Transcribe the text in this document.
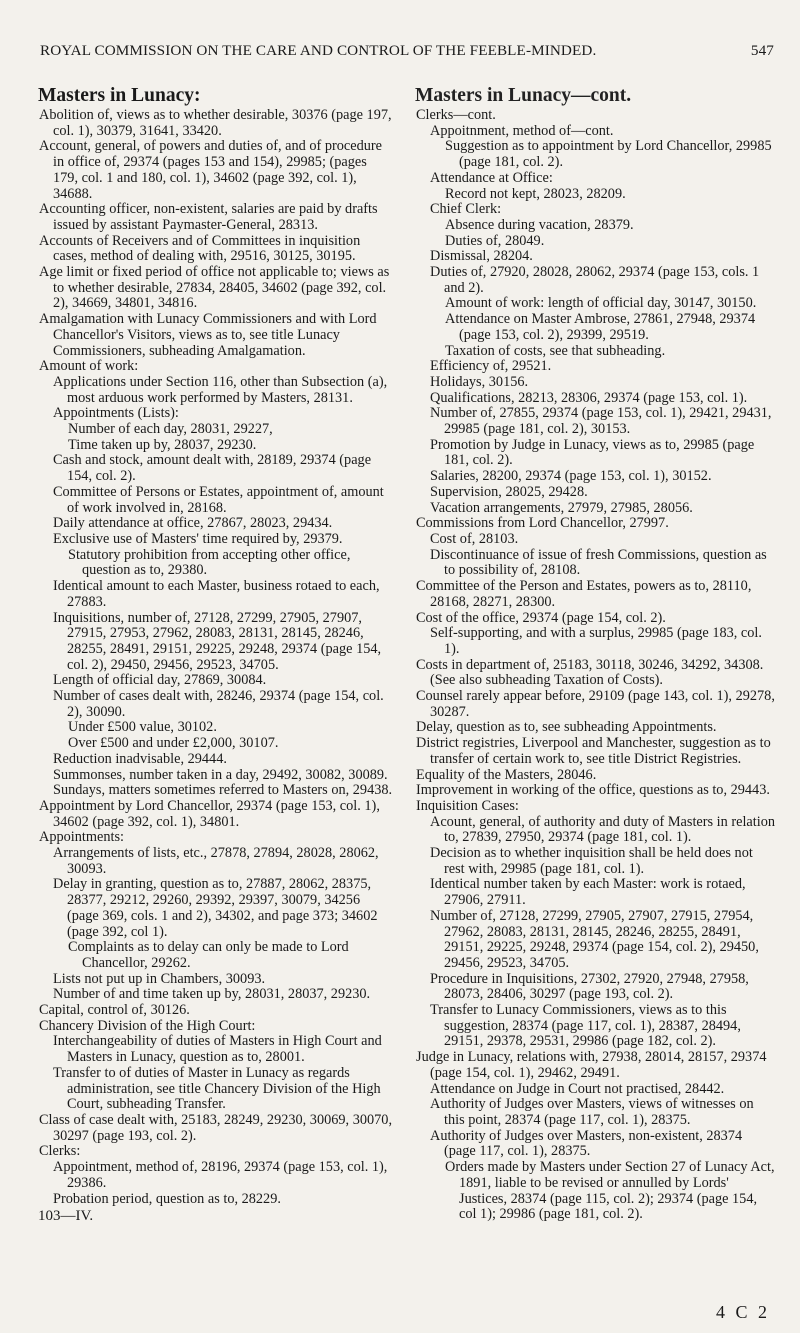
ROYAL COMMISSION ON THE CARE AND CONTROL OF THE FEEBLE-MINDED.	547
Masters in Lunacy:
Abolition of, views as to whether desirable, 30376 (page 197, col. 1), 30379, 31641, 33420.
Account, general, of powers and duties of, and of procedure in office of, 29374 (pages 153 and 154), 29985; (pages 179, col. 1 and 180, col. 1), 34602 (page 392, col. 1), 34688.
Accounting officer, non-existent, salaries are paid by drafts issued by assistant Paymaster-General, 28313.
Accounts of Receivers and of Committees in inquisition cases, method of dealing with, 29516, 30125, 30195.
Age limit or fixed period of office not applicable to; views as to whether desirable, 27834, 28405, 34602 (page 392, col. 2), 34669, 34801, 34816.
Amalgamation with Lunacy Commissioners and with Lord Chancellor's Visitors, views as to, see title Lunacy Commissioners, subheading Amalgamation.
Amount of work:
Applications under Section 116, other than Subsection (a), most arduous work performed by Masters, 28131.
Appointments (Lists):
Number of each day, 28031, 29227,
Time taken up by, 28037, 29230.
Cash and stock, amount dealt with, 28189, 29374 (page 154, col. 2).
Committee of Persons or Estates, appointment of, amount of work involved in, 28168.
Daily attendance at office, 27867, 28023, 29434.
Exclusive use of Masters' time required by, 29379.
Statutory prohibition from accepting other office, question as to, 29380.
Identical amount to each Master, business rotaed to each, 27883.
Inquisitions, number of, 27128, 27299, 27905, 27907, 27915, 27953, 27962, 28083, 28131, 28145, 28246, 28255, 28491, 29151, 29225, 29248, 29374 (page 154, col. 2), 29450, 29456, 29523, 34705.
Length of official day, 27869, 30084.
Number of cases dealt with, 28246, 29374 (page 154, col. 2), 30090.
Under £500 value, 30102.
Over £500 and under £2,000, 30107.
Reduction inadvisable, 29444.
Summonses, number taken in a day, 29492, 30082, 30089.
Sundays, matters sometimes referred to Masters on, 29438.
Appointment by Lord Chancellor, 29374 (page 153, col. 1), 34602 (page 392, col. 1), 34801.
Appointments:
Arrangements of lists, etc., 27878, 27894, 28028, 28062, 30093.
Delay in granting, question as to, 27887, 28062, 28375, 28377, 29212, 29260, 29392, 29397, 30079, 34256 (page 369, cols. 1 and 2), 34302, and page 373; 34602 (page 392, col 1).
Complaints as to delay can only be made to Lord Chancellor, 29262.
Lists not put up in Chambers, 30093.
Number of and time taken up by, 28031, 28037, 29230.
Capital, control of, 30126.
Chancery Division of the High Court:
Interchangeability of duties of Masters in High Court and Masters in Lunacy, question as to, 28001.
Transfer to of duties of Master in Lunacy as regards administration, see title Chancery Division of the High Court, subheading Transfer.
Class of case dealt with, 25183, 28249, 29230, 30069, 30070, 30297 (page 193, col. 2).
Clerks:
Appointment, method of, 28196, 29374 (page 153, col. 1), 29386.
Probation period, question as to, 28229.
103—IV.
Masters in Lunacy—cont.
Clerks—cont.
Appoitnment, method of—cont.
Suggestion as to appointment by Lord Chancellor, 29985 (page 181, col. 2).
Attendance at Office:
Record not kept, 28023, 28209.
Chief Clerk:
Absence during vacation, 28379.
Duties of, 28049.
Dismissal, 28204.
Duties of, 27920, 28028, 28062, 29374 (page 153, cols. 1 and 2).
Amount of work: length of official day, 30147, 30150.
Attendance on Master Ambrose, 27861, 27948, 29374 (page 153, col. 2), 29399, 29519.
Taxation of costs, see that subheading.
Efficiency of, 29521.
Holidays, 30156.
Qualifications, 28213, 28306, 29374 (page 153, col. 1).
Number of, 27855, 29374 (page 153, col. 1), 29421, 29431, 29985 (page 181, col. 2), 30153.
Promotion by Judge in Lunacy, views as to, 29985 (page 181, col. 2).
Salaries, 28200, 29374 (page 153, col. 1), 30152.
Supervision, 28025, 29428.
Vacation arrangements, 27979, 27985, 28056.
Commissions from Lord Chancellor, 27997.
Cost of, 28103.
Discontinuance of issue of fresh Commissions, question as to possibility of, 28108.
Committee of the Person and Estates, powers as to, 28110, 28168, 28271, 28300.
Cost of the office, 29374 (page 154, col. 2).
Self-supporting, and with a surplus, 29985 (page 183, col. 1).
Costs in department of, 25183, 30118, 30246, 34292, 34308.
(See also subheading Taxation of Costs).
Counsel rarely appear before, 29109 (page 143, col. 1), 29278, 30287.
Delay, question as to, see subheading Appointments.
District registries, Liverpool and Manchester, suggestion as to transfer of certain work to, see title District Registries.
Equality of the Masters, 28046.
Improvement in working of the office, questions as to, 29443.
Inquisition Cases:
Acount, general, of authority and duty of Masters in relation to, 27839, 27950, 29374 (page 181, col. 1).
Decision as to whether inquisition shall be held does not rest with, 29985 (page 181, col. 1).
Identical number taken by each Master: work is rotaed, 27906, 27911.
Number of, 27128, 27299, 27905, 27907, 27915, 27954, 27962, 28083, 28131, 28145, 28246, 28255, 28491, 29151, 29225, 29248, 29374 (page 154, col. 2), 29450, 29456, 29523, 34705.
Procedure in Inquisitions, 27302, 27920, 27948, 27958, 28073, 28406, 30297 (page 193, col. 2).
Transfer to Lunacy Commissioners, views as to this suggestion, 28374 (page 117, col. 1), 28387, 28494, 29151, 29378, 29531, 29986 (page 182, col. 2).
Judge in Lunacy, relations with, 27938, 28014, 28157, 29374 (page 154, col. 1), 29462, 29491.
Attendance on Judge in Court not practised, 28442.
Authority of Judges over Masters, views of witnesses on this point, 28374 (page 117, col. 1), 28375.
Authority of Judges over Masters, non-existent, 28374 (page 117, col. 1), 28375.
Orders made by Masters under Section 27 of Lunacy Act, 1891, liable to be revised or annulled by Lords' Justices, 28374 (page 115, col. 2); 29374 (page 154, col 1); 29986 (page 181, col. 2).
4 C 2
